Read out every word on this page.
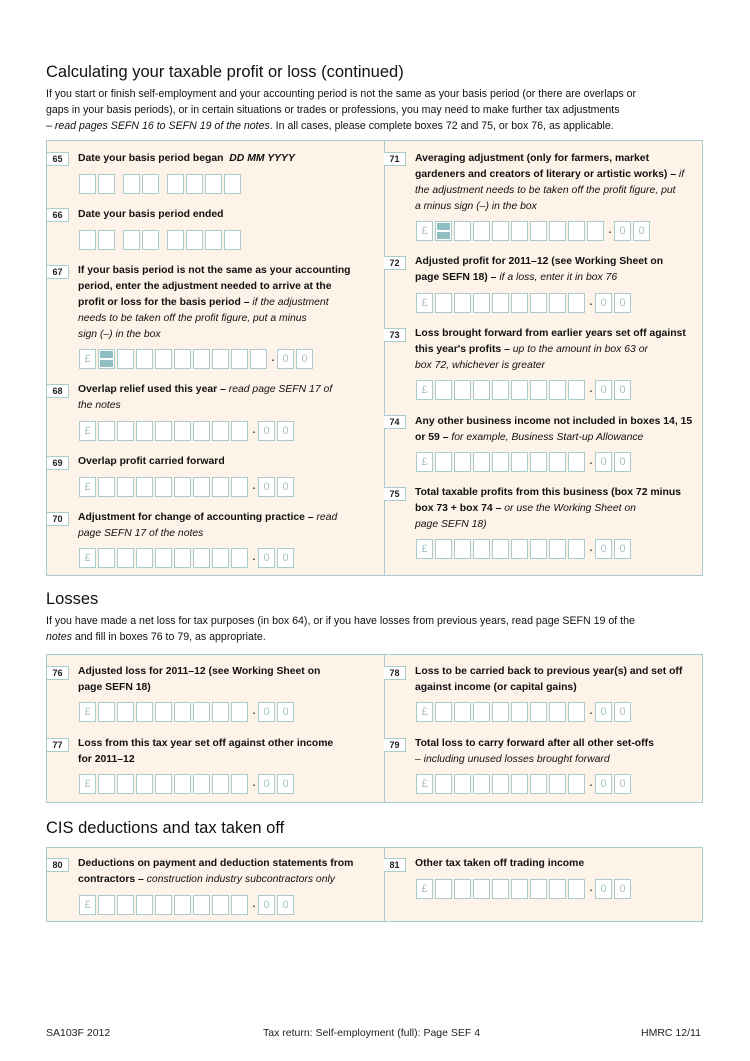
Calculating your taxable profit or loss (continued)
If you start or finish self-employment and your accounting period is not the same as your basis period (or there are overlaps or
gaps in your basis periods), or in certain situations or trades or professions, you may need to make further tax adjustments
– read pages SEFN 16 to SEFN 19 of the notes. In all cases, please complete boxes 72 and 75, or box 76, as applicable.
65	Date your basis period began DD MM YYYY
66	Date your basis period ended
67	If your basis period is not the same as your accounting
period, enter the adjustment needed to arrive at the
profit or loss for the basis period – if the adjustment
needs to be taken off the profit figure, put a minus
sign (–) in the box
£	· 0	0
68	Overlap relief used this year – read page SEFN 17 of
the notes
£	· 0	0
69	Overlap profit carried forward
£	· 0	0
70	Adjustment for change of accounting practice – read
page SEFN 17 of the notes
£	· 0	0
71	Averaging adjustment (only for farmers, market
gardeners and creators of literary or artistic works) – if
the adjustment needs to be taken off the profit figure, put
a minus sign (–) in the box
£	· 0	0
72	Adjusted profit for 2011–12 (see Working Sheet on
page SEFN 18) – if a loss, enter it in box 76
£	· 0	0
73	Loss brought forward from earlier years set off against
this year's profits – up to the amount in box 63 or
box 72, whichever is greater
£	· 0	0
74	Any other business income not included in boxes 14, 15
or 59 – for example, Business Start-up Allowance
£	· 0	0
75	Total taxable profits from this business (box 72 minus
box 73 + box 74 – or use the Working Sheet on
page SEFN 18)
£	· 0	0
Losses
If you have made a net loss for tax purposes (in box 64), or if you have losses from previous years, read page SEFN 19 of the
notes and fill in boxes 76 to 79, as appropriate.
76	Adjusted loss for 2011–12 (see Working Sheet on
page SEFN 18)
£	· 0	0
77	Loss from this tax year set off against other income
for 2011–12
£	· 0	0
78	Loss to be carried back to previous year(s) and set off
against income (or capital gains)
£	· 0	0
79	Total loss to carry forward after all other set-offs
– including unused losses brought forward
£	· 0	0
CIS deductions and tax taken off
80	Deductions on payment and deduction statements from
contractors – construction industry subcontractors only
£	· 0	0
81	Other tax taken off trading income
£	· 0	0
SA103F 2012	Tax return: Self-employment (full): Page SEF 4	HMRC 12/11
